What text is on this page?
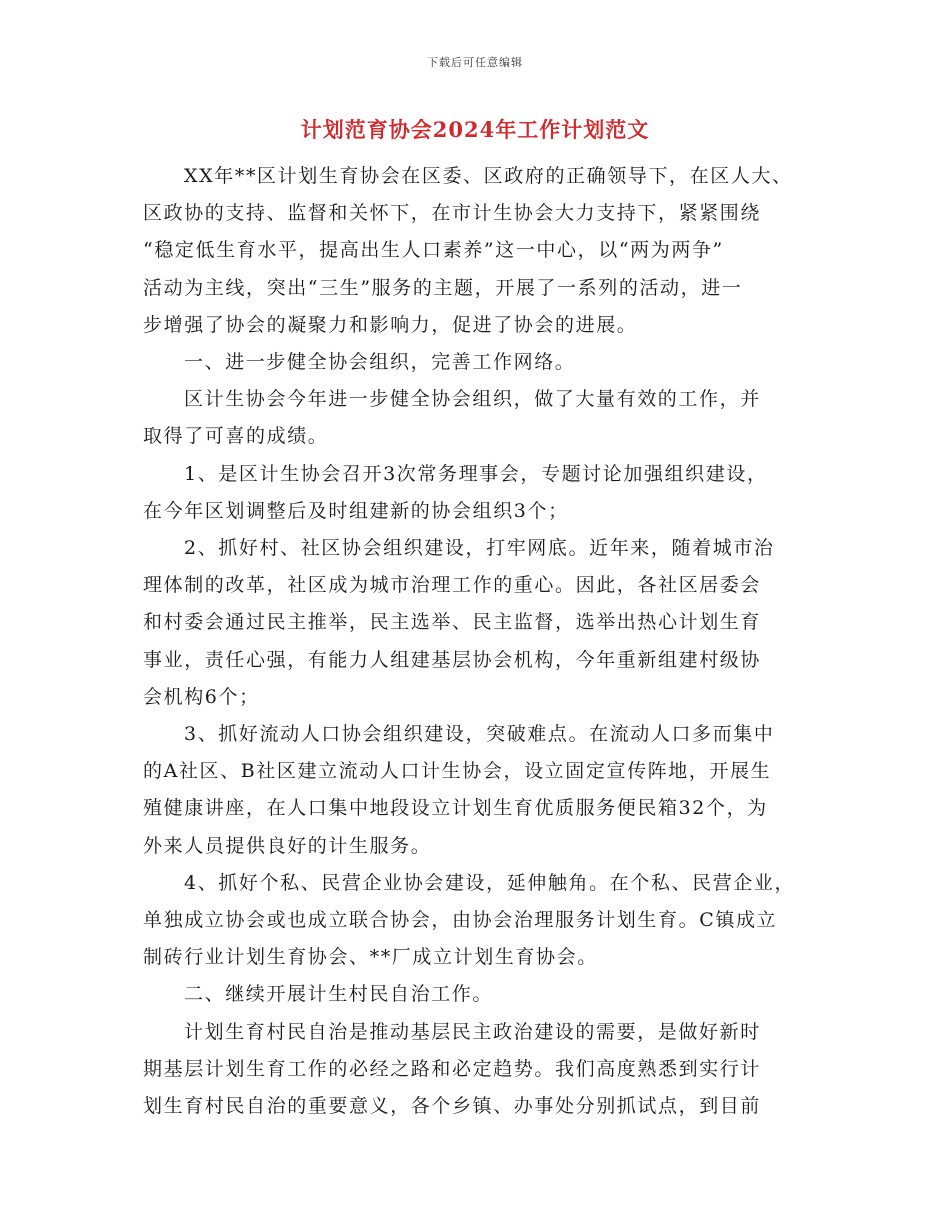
下载后可任意编辑
计划范育协会2024年工作计划范文

XX年**区计划生育协会在区委、区政府的正确领导下，在区人大、
区政协的支持、监督和关怀下，在市计生协会大力支持下，紧紧围绕
“稳定低生育水平，提高出生人口素养”这一中心，以“两为两争”
活动为主线，突出“三生”服务的主题，开展了一系列的活动，进一
步增强了协会的凝聚力和影响力，促进了协会的进展。

一、进一步健全协会组织，完善工作网络。

区计生协会今年进一步健全协会组织，做了大量有效的工作，并
取得了可喜的成绩。

1、是区计生协会召开3次常务理事会，专题讨论加强组织建设，
在今年区划调整后及时组建新的协会组织3个；

2、抓好村、社区协会组织建设，打牢网底。近年来，随着城市治
理体制的改革，社区成为城市治理工作的重心。因此，各社区居委会
和村委会通过民主推举，民主选举、民主监督，选举出热心计划生育
事业，责任心强，有能力人组建基层协会机构，今年重新组建村级协
会机构6个；

3、抓好流动人口协会组织建设，突破难点。在流动人口多而集中
的A社区、B社区建立流动人口计生协会，设立固定宣传阵地，开展生
殖健康讲座，在人口集中地段设立计划生育优质服务便民箱32个，为
外来人员提供良好的计生服务。

4、抓好个私、民营企业协会建设，延伸触角。在个私、民营企业，
单独成立协会或也成立联合协会，由协会治理服务计划生育。C镇成立
制砖行业计划生育协会、**厂成立计划生育协会。

二、继续开展计生村民自治工作。

计划生育村民自治是推动基层民主政治建设的需要，是做好新时
期基层计划生育工作的必经之路和必定趋势。我们高度熟悉到实行计
划生育村民自治的重要意义，各个乡镇、办事处分别抓试点，到目前
